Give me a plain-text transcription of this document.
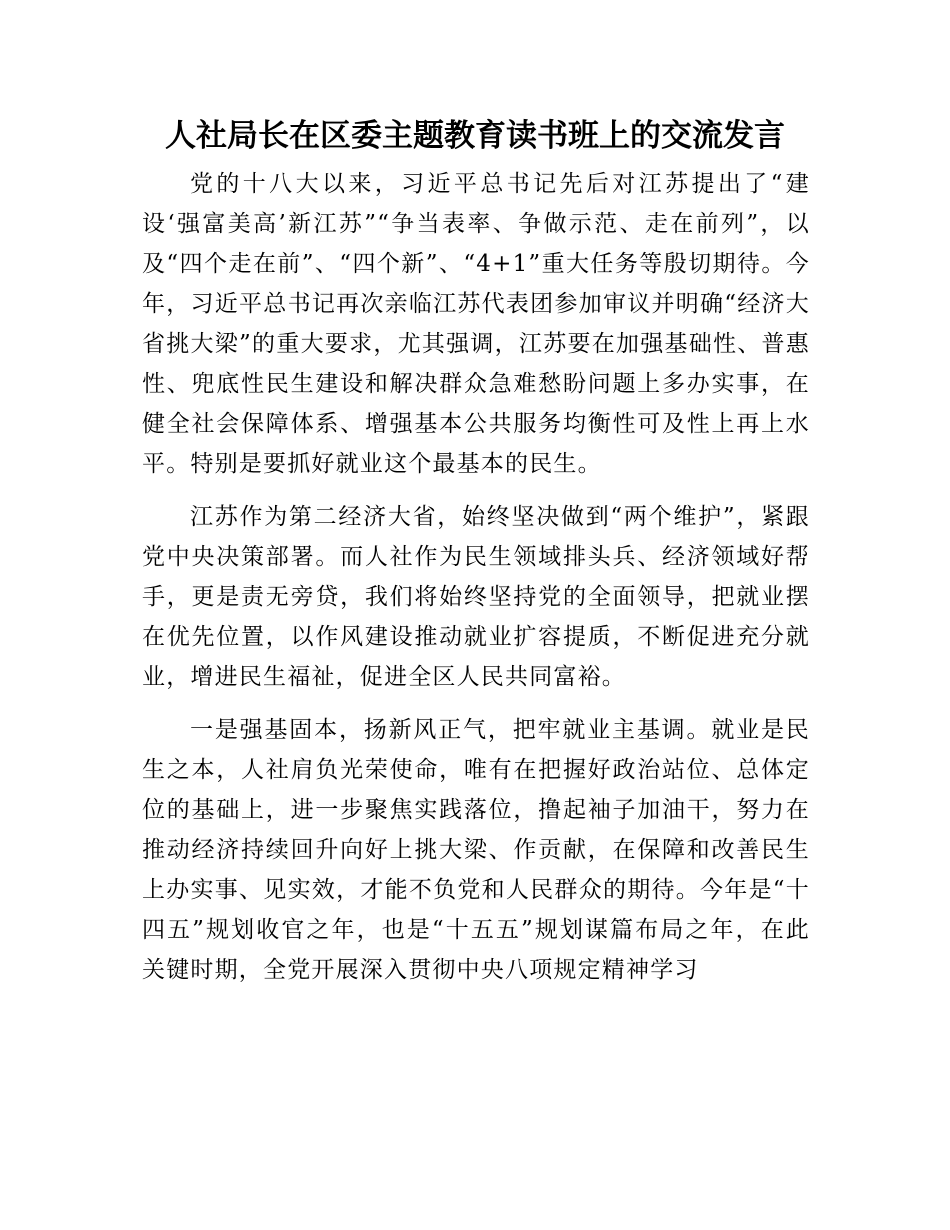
人社局长在区委主题教育读书班上的交流发言

党的十八大以来，习近平总书记先后对江苏提出了“建设‘强富美高’新江苏”“争当表率、争做示范、走在前列”，以及“四个走在前”、“四个新”、“4+1”重大任务等殷切期待。今年，习近平总书记再次亲临江苏代表团参加审议并明确“经济大省挑大梁”的重大要求，尤其强调，江苏要在加强基础性、普惠性、兜底性民生建设和解决群众急难愁盼问题上多办实事，在健全社会保障体系、增强基本公共服务均衡性可及性上再上水平。特别是要抓好就业这个最基本的民生。

江苏作为第二经济大省，始终坚决做到“两个维护”，紧跟党中央决策部署。而人社作为民生领域排头兵、经济领域好帮手，更是责无旁贷，我们将始终坚持党的全面领导，把就业摆在优先位置，以作风建设推动就业扩容提质，不断促进充分就业，增进民生福祉，促进全区人民共同富裕。

一是强基固本，扬新风正气，把牢就业主基调。就业是民生之本，人社肩负光荣使命，唯有在把握好政治站位、总体定位的基础上，进一步聚焦实践落位，撸起袖子加油干，努力在推动经济持续回升向好上挑大梁、作贡献，在保障和改善民生上办实事、见实效，才能不负党和人民群众的期待。今年是“十四五”规划收官之年，也是“十五五”规划谋篇布局之年，在此关键时期，全党开展深入贯彻中央八项规定精神学习
